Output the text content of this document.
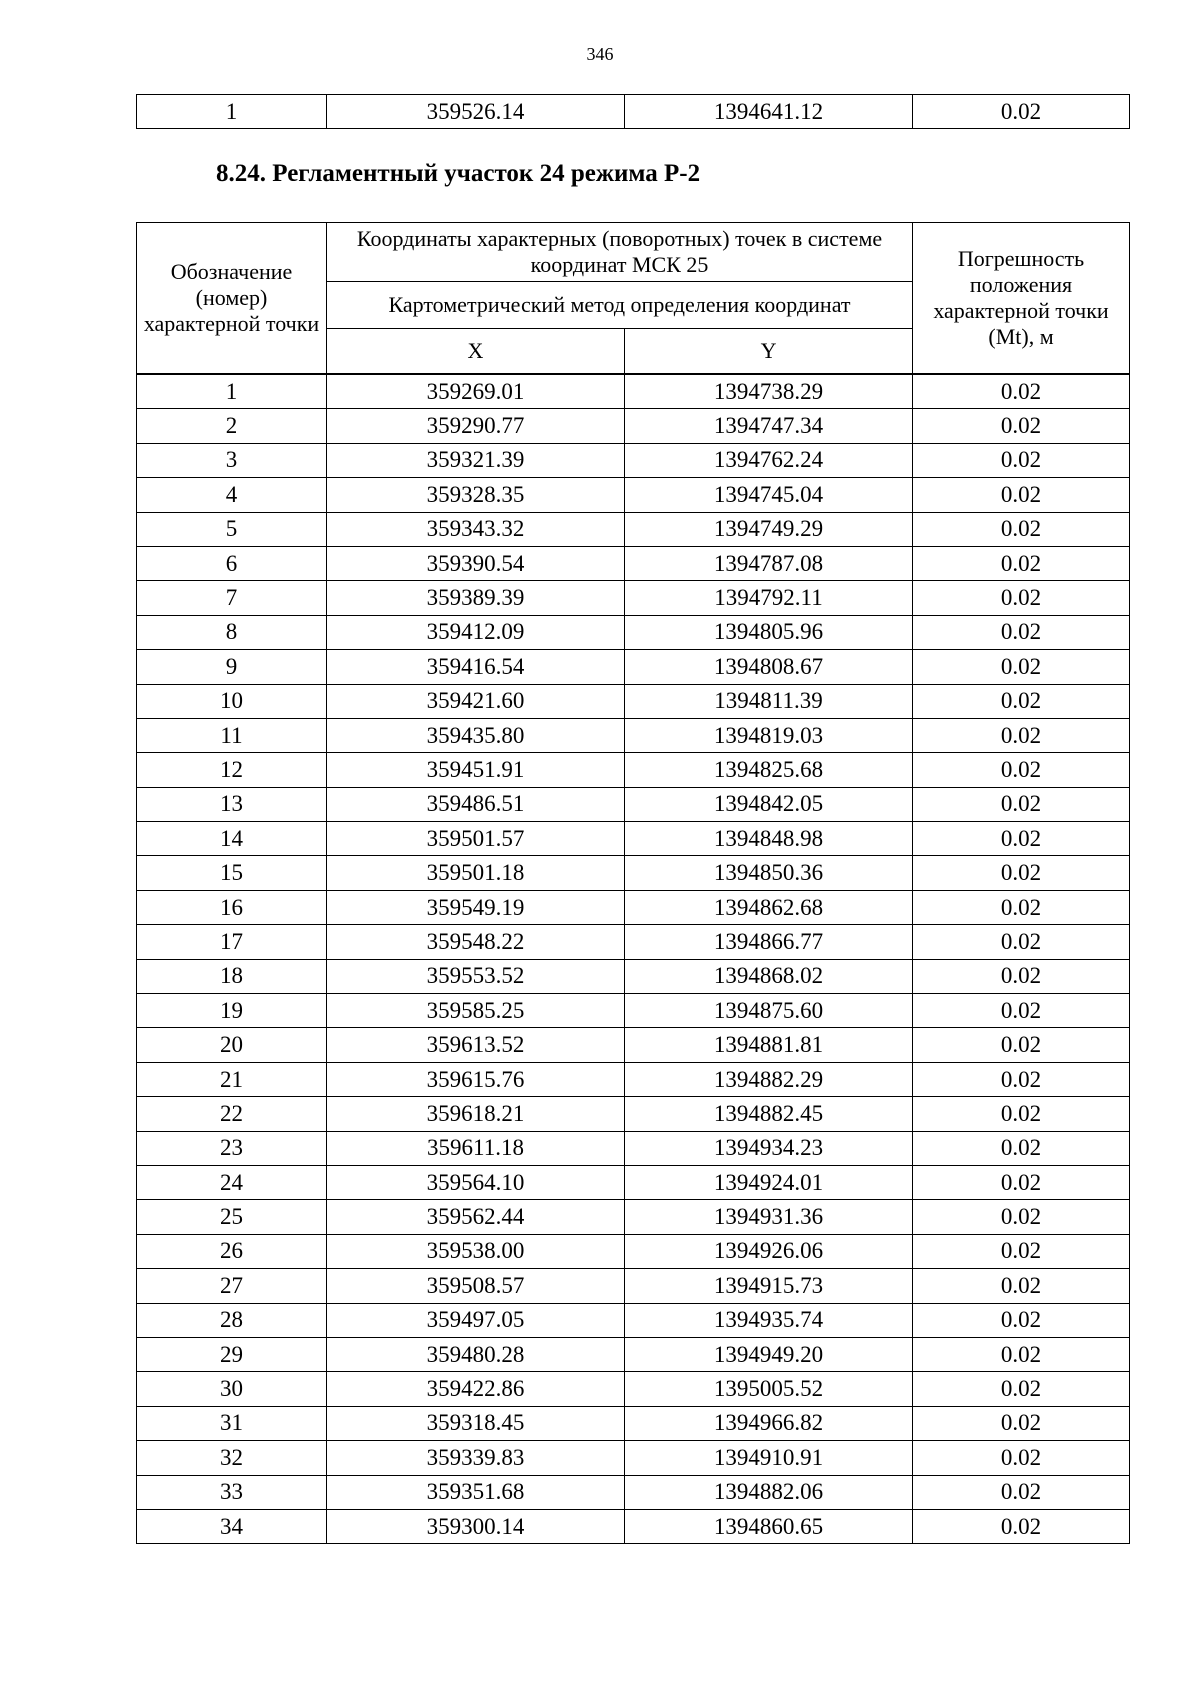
346
1	359526.14	1394641.12	0.02
8.24. Регламентный участок 24 режима Р-2
Обозначение (номер) характерной точки	Координаты характерных (поворотных) точек в системе координат МСК 25		Погрешность положения характерной точки (Mt), м
	Картометрический метод определения координат		
	X	Y	
1	359269.01	1394738.29	0.02
2	359290.77	1394747.34	0.02
3	359321.39	1394762.24	0.02
4	359328.35	1394745.04	0.02
5	359343.32	1394749.29	0.02
6	359390.54	1394787.08	0.02
7	359389.39	1394792.11	0.02
8	359412.09	1394805.96	0.02
9	359416.54	1394808.67	0.02
10	359421.60	1394811.39	0.02
11	359435.80	1394819.03	0.02
12	359451.91	1394825.68	0.02
13	359486.51	1394842.05	0.02
14	359501.57	1394848.98	0.02
15	359501.18	1394850.36	0.02
16	359549.19	1394862.68	0.02
17	359548.22	1394866.77	0.02
18	359553.52	1394868.02	0.02
19	359585.25	1394875.60	0.02
20	359613.52	1394881.81	0.02
21	359615.76	1394882.29	0.02
22	359618.21	1394882.45	0.02
23	359611.18	1394934.23	0.02
24	359564.10	1394924.01	0.02
25	359562.44	1394931.36	0.02
26	359538.00	1394926.06	0.02
27	359508.57	1394915.73	0.02
28	359497.05	1394935.74	0.02
29	359480.28	1394949.20	0.02
30	359422.86	1395005.52	0.02
31	359318.45	1394966.82	0.02
32	359339.83	1394910.91	0.02
33	359351.68	1394882.06	0.02
34	359300.14	1394860.65	0.02
